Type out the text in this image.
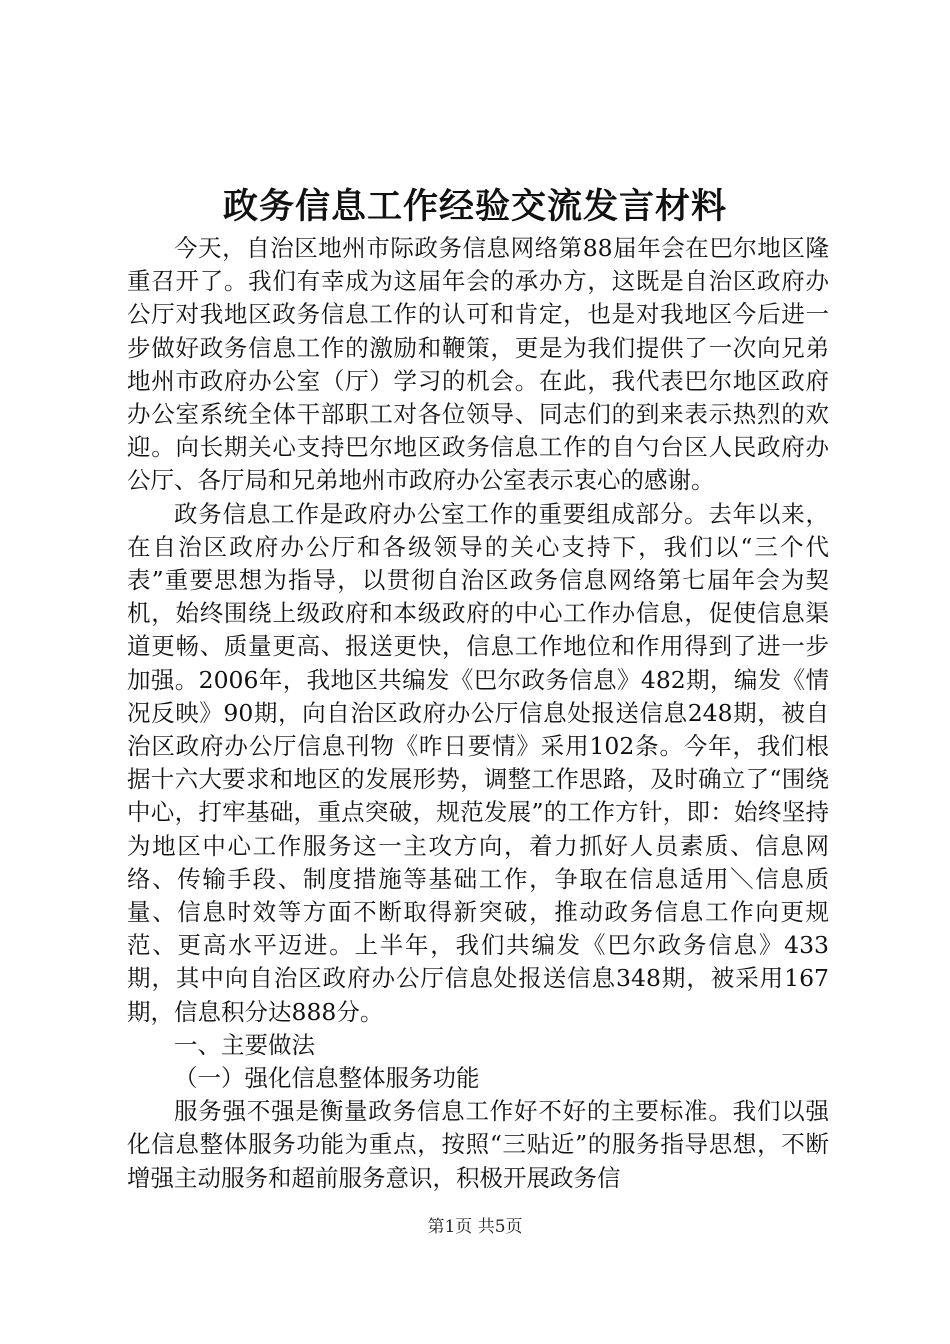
政务信息工作经验交流发言材料

今天，自治区地州市际政务信息网络第88届年会在巴尔地区隆重召开了。我们有幸成为这届年会的承办方，这既是自治区政府办公厅对我地区政务信息工作的认可和肯定，也是对我地区今后进一步做好政务信息工作的激励和鞭策，更是为我们提供了一次向兄弟地州市政府办公室（厅）学习的机会。在此，我代表巴尔地区政府办公室系统全体干部职工对各位领导、同志们的到来表示热烈的欢迎。向长期关心支持巴尔地区政务信息工作的自勺台区人民政府办公厅、各厅局和兄弟地州市政府办公室表示衷心的感谢。

政务信息工作是政府办公室工作的重要组成部分。去年以来，在自治区政府办公厅和各级领导的关心支持下，我们以“三个代表”重要思想为指导，以贯彻自治区政务信息网络第七届年会为契机，始终围绕上级政府和本级政府的中心工作办信息，促使信息渠道更畅、质量更高、报送更快，信息工作地位和作用得到了进一步加强。2006年，我地区共编发《巴尔政务信息》482期，编发《情况反映》90期，向自治区政府办公厅信息处报送信息248期，被自治区政府办公厅信息刊物《昨日要情》采用102条。今年，我们根据十六大要求和地区的发展形势，调整工作思路，及时确立了“围绕中心，打牢基础，重点突破，规范发展”的工作方针，即：始终坚持为地区中心工作服务这一主攻方向，着力抓好人员素质、信息网络、传输手段、制度措施等基础工作，争取在信息适用＼信息质量、信息时效等方面不断取得新突破，推动政务信息工作向更规范、更高水平迈进。上半年，我们共编发《巴尔政务信息》433期，其中向自治区政府办公厅信息处报送信息348期，被采用167期，信息积分达888分。

一、主要做法

（一）强化信息整体服务功能

服务强不强是衡量政务信息工作好不好的主要标准。我们以强化信息整体服务功能为重点，按照“三贴近”的服务指导思想，不断增强主动服务和超前服务意识，积极开展政务信

第1页 共5页
